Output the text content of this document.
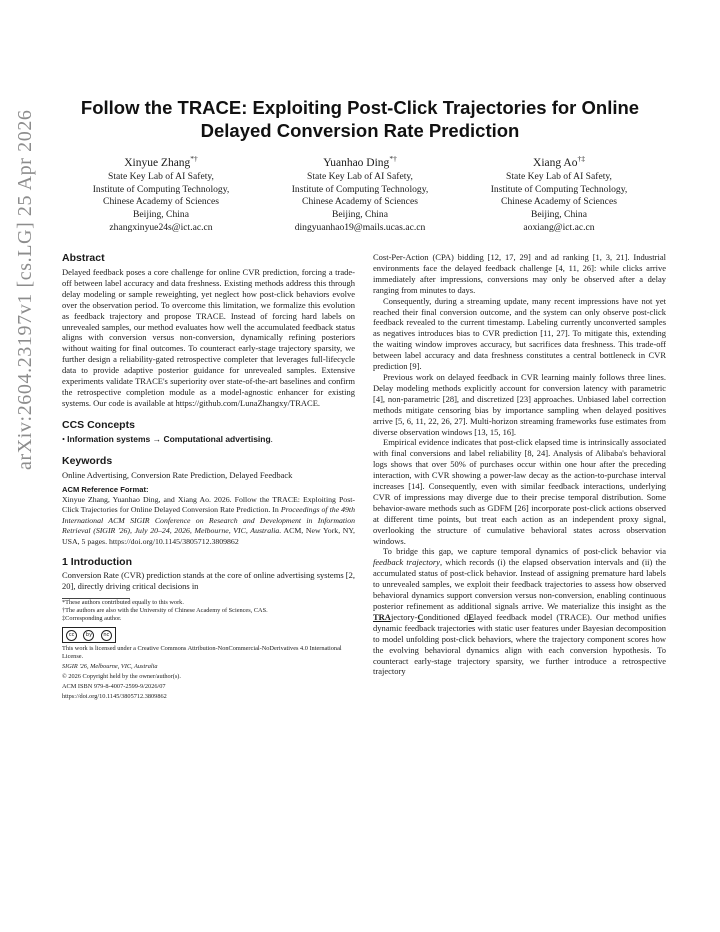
arXiv:2604.23197v1 [cs.LG] 25 Apr 2026
Follow the TRACE: Exploiting Post-Click Trajectories for Online Delayed Conversion Rate Prediction
Xinyue Zhang*†
State Key Lab of AI Safety,
Institute of Computing Technology,
Chinese Academy of Sciences
Beijing, China
zhangxinyue24s@ict.ac.cn
Yuanhao Ding*†
State Key Lab of AI Safety,
Institute of Computing Technology,
Chinese Academy of Sciences
Beijing, China
dingyuanhao19@mails.ucas.ac.cn
Xiang Ao†‡
State Key Lab of AI Safety,
Institute of Computing Technology,
Chinese Academy of Sciences
Beijing, China
aoxiang@ict.ac.cn
Abstract
Delayed feedback poses a core challenge for online CVR prediction, forcing a trade-off between label accuracy and data freshness. Existing methods address this through delay modeling or sample reweighting, yet neglect how post-click behaviors evolve over the observation period. To overcome this limitation, we formalize this evolution as feedback trajectory and propose TRACE. Instead of forcing hard labels on unrevealed samples, our method evaluates how well the accumulated feedback status aligns with conversion versus non-conversion, dynamically refining posteriors without waiting for final outcomes. To counteract early-stage trajectory sparsity, we further design a reliability-gated retrospective completer that leverages full-lifecycle data to provide adaptive posterior guidance for unrevealed samples. Extensive experiments validate TRACE's superiority over state-of-the-art baselines and confirm the retrospective completion module as a model-agnostic enhancer for existing systems. Our code is available at https://github.com/LunaZhangxy/TRACE.
CCS Concepts
• Information systems → Computational advertising.
Keywords
Online Advertising, Conversion Rate Prediction, Delayed Feedback
ACM Reference Format:
Xinyue Zhang, Yuanhao Ding, and Xiang Ao. 2026. Follow the TRACE: Exploiting Post-Click Trajectories for Online Delayed Conversion Rate Prediction. In Proceedings of the 49th International ACM SIGIR Conference on Research and Development in Information Retrieval (SIGIR '26), July 20–24, 2026, Melbourne, VIC, Australia. ACM, New York, NY, USA, 5 pages. https://doi.org/10.1145/3805712.3809862
1 Introduction
Conversion Rate (CVR) prediction stands at the core of online advertising systems [2, 20], directly driving critical decisions in
*These authors contributed equally to this work.
†The authors are also with the University of Chinese Academy of Sciences, CAS.
‡Corresponding author.
cc	by	nc
This work is licensed under a Creative Commons Attribution-NonCommercial-NoDerivatives 4.0 International License.
SIGIR '26, Melbourne, VIC, Australia
© 2026 Copyright held by the owner/author(s).
ACM ISBN 979-8-4007-2599-9/2026/07
https://doi.org/10.1145/3805712.3809862
Cost-Per-Action (CPA) bidding [12, 17, 29] and ad ranking [1, 3, 21]. Industrial environments face the delayed feedback challenge [4, 11, 26]: while clicks arrive immediately after impressions, conversions may only be observed after a delay ranging from minutes to days.
Consequently, during a streaming update, many recent impressions have not yet reached their final conversion outcome, and the system can only observe post-click feedback revealed to the current timestamp. Labeling currently unconverted samples as negatives introduces bias to CVR prediction [11, 27]. To mitigate this, extending the waiting window improves accuracy, but sacrifices data freshness. This trade-off between label accuracy and data freshness constitutes a central bottleneck in CVR prediction [9].
Previous work on delayed feedback in CVR learning mainly follows three lines. Delay modeling methods explicitly account for conversion latency with parametric [4], non-parametric [28], and discretized [23] approaches. Unbiased label correction methods mitigate censoring bias by importance sampling when delayed positives arrive [5, 6, 11, 22, 26, 27]. Multi-horizon streaming frameworks fuse estimates from diverse observation windows [13, 15, 16].
Empirical evidence indicates that post-click elapsed time is intrinsically associated with final conversions and label reliability [8, 24]. Analysis of Alibaba's behavioral logs shows that over 50% of purchases occur within one hour after the preceding interaction, with CVR showing a power-law decay as the action-to-purchase interval increases [14]. Consequently, even with similar feedback interactions, underlying CVR of impressions may diverge due to their precise temporal distribution. Some behavior-aware methods such as GDFM [26] incorporate post-click actions observed at different time points, but treat each action as an independent proxy signal, overlooking the structure of cumulative behavioral states across observation windows.
To bridge this gap, we capture temporal dynamics of post-click behavior via feedback trajectory, which records (i) the elapsed observation intervals and (ii) the accumulated status of post-click behavior. Instead of assigning premature hard labels to unrevealed samples, we exploit their feedback trajectories to assess how observed behavioral dynamics support conversion versus non-conversion, enabling continuous posterior refinement as additional signals arrive. We materialize this insight as the TRAjectory-Conditioned dElayed feedback model (TRACE). Our method unifies dynamic feedback trajectories with static user features under Bayesian decomposition to model unfolding post-click behaviors, where the trajectory component scores how the evolving behavioral dynamics align with each conversion hypothesis. To counteract early-stage trajectory sparsity, we further introduce a retrospective trajectory
